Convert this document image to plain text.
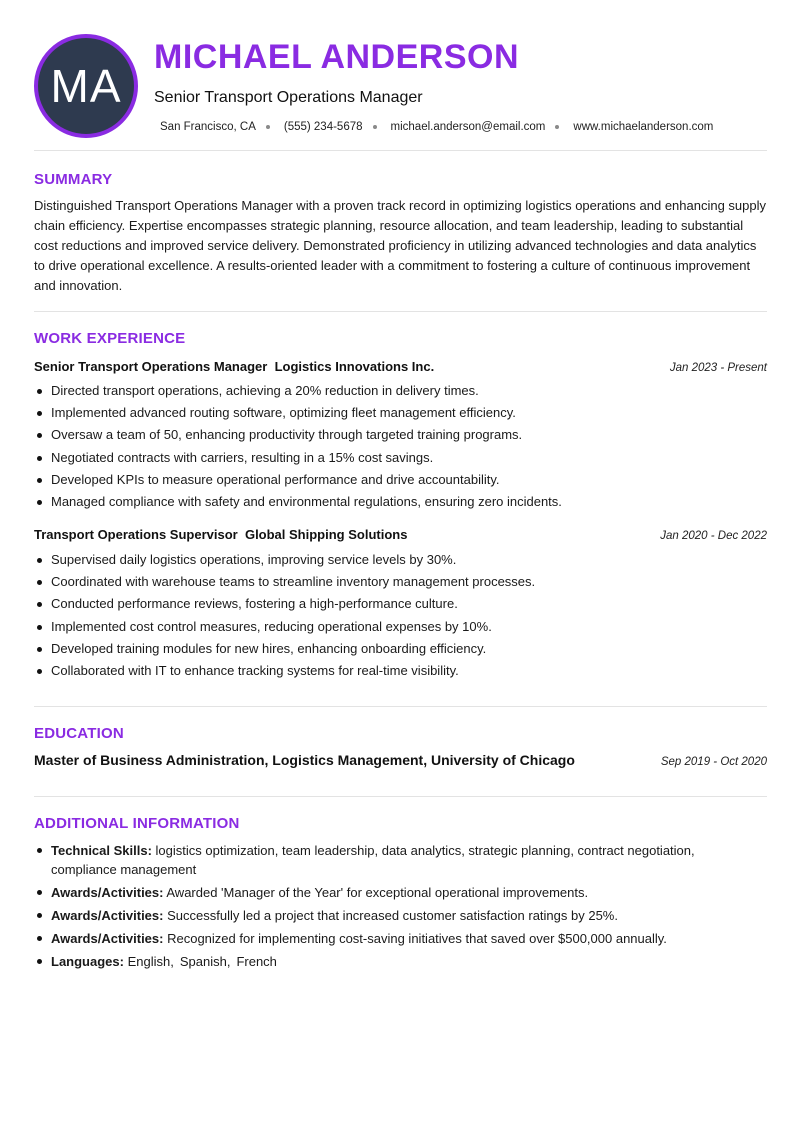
MA
MICHAEL ANDERSON
Senior Transport Operations Manager
San Francisco, CA (555) 234-5678 michael.anderson@email.com www.michaelanderson.com
SUMMARY

Distinguished Transport Operations Manager with a proven track record in optimizing logistics operations and enhancing supply chain efficiency. Expertise encompasses strategic planning, resource allocation, and team leadership, leading to substantial cost reductions and improved service delivery. Demonstrated proficiency in utilizing advanced technologies and data analytics to drive operational excellence. A results-oriented leader with a commitment to fostering a culture of continuous improvement and innovation.

WORK EXPERIENCE
Senior Transport Operations Manager Logistics Innovations Inc.	Jan 2023 - Present
Directed transport operations, achieving a 20% reduction in delivery times.
Implemented advanced routing software, optimizing fleet management efficiency.
Oversaw a team of 50, enhancing productivity through targeted training programs.
Negotiated contracts with carriers, resulting in a 15% cost savings.
Developed KPIs to measure operational performance and drive accountability.
Managed compliance with safety and environmental regulations, ensuring zero incidents.
Transport Operations Supervisor Global Shipping Solutions	Jan 2020 - Dec 2022
Supervised daily logistics operations, improving service levels by 30%.
Coordinated with warehouse teams to streamline inventory management processes.
Conducted performance reviews, fostering a high-performance culture.
Implemented cost control measures, reducing operational expenses by 10%.
Developed training modules for new hires, enhancing onboarding efficiency.
Collaborated with IT to enhance tracking systems for real-time visibility.
EDUCATION
Master of Business Administration, Logistics Management, University of Chicago	Sep 2019 - Oct 2020
ADDITIONAL INFORMATION
Technical Skills: logistics optimization, team leadership, data analytics, strategic planning, contract negotiation, compliance management
Awards/Activities: Awarded 'Manager of the Year' for exceptional operational improvements.
Awards/Activities: Successfully led a project that increased customer satisfaction ratings by 25%.
Awards/Activities: Recognized for implementing cost-saving initiatives that saved over $500,000 annually.
Languages: English, Spanish, French
